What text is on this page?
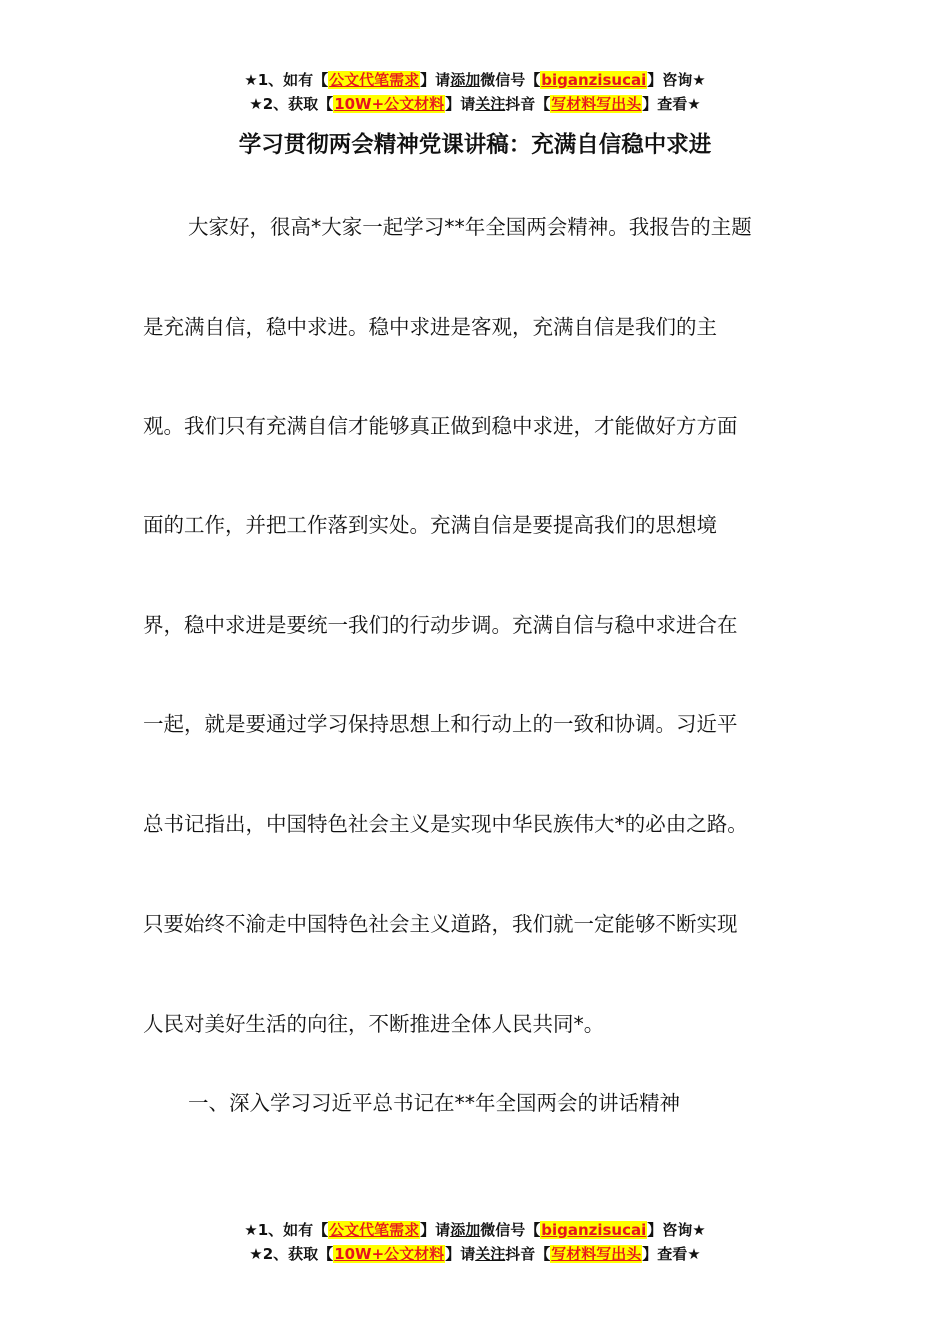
★1、如有【公文代笔需求】请添加微信号【biganzisucai】咨询★
★2、获取【10W+公文材料】请关注抖音【写材料写出头】查看★
学习贯彻两会精神党课讲稿：充满自信稳中求进
大家好，很高*大家一起学习**年全国两会精神。我报告的主题
是充满自信，稳中求进。稳中求进是客观，充满自信是我们的主
观。我们只有充满自信才能够真正做到稳中求进，才能做好方方面
面的工作，并把工作落到实处。充满自信是要提高我们的思想境
界，稳中求进是要统一我们的行动步调。充满自信与稳中求进合在
一起，就是要通过学习保持思想上和行动上的一致和协调。习近平
总书记指出，中国特色社会主义是实现中华民族伟大*的必由之路。
只要始终不渝走中国特色社会主义道路，我们就一定能够不断实现
人民对美好生活的向往，不断推进全体人民共同*。
一、深入学习习近平总书记在**年全国两会的讲话精神
★1、如有【公文代笔需求】请添加微信号【biganzisucai】咨询★
★2、获取【10W+公文材料】请关注抖音【写材料写出头】查看★
